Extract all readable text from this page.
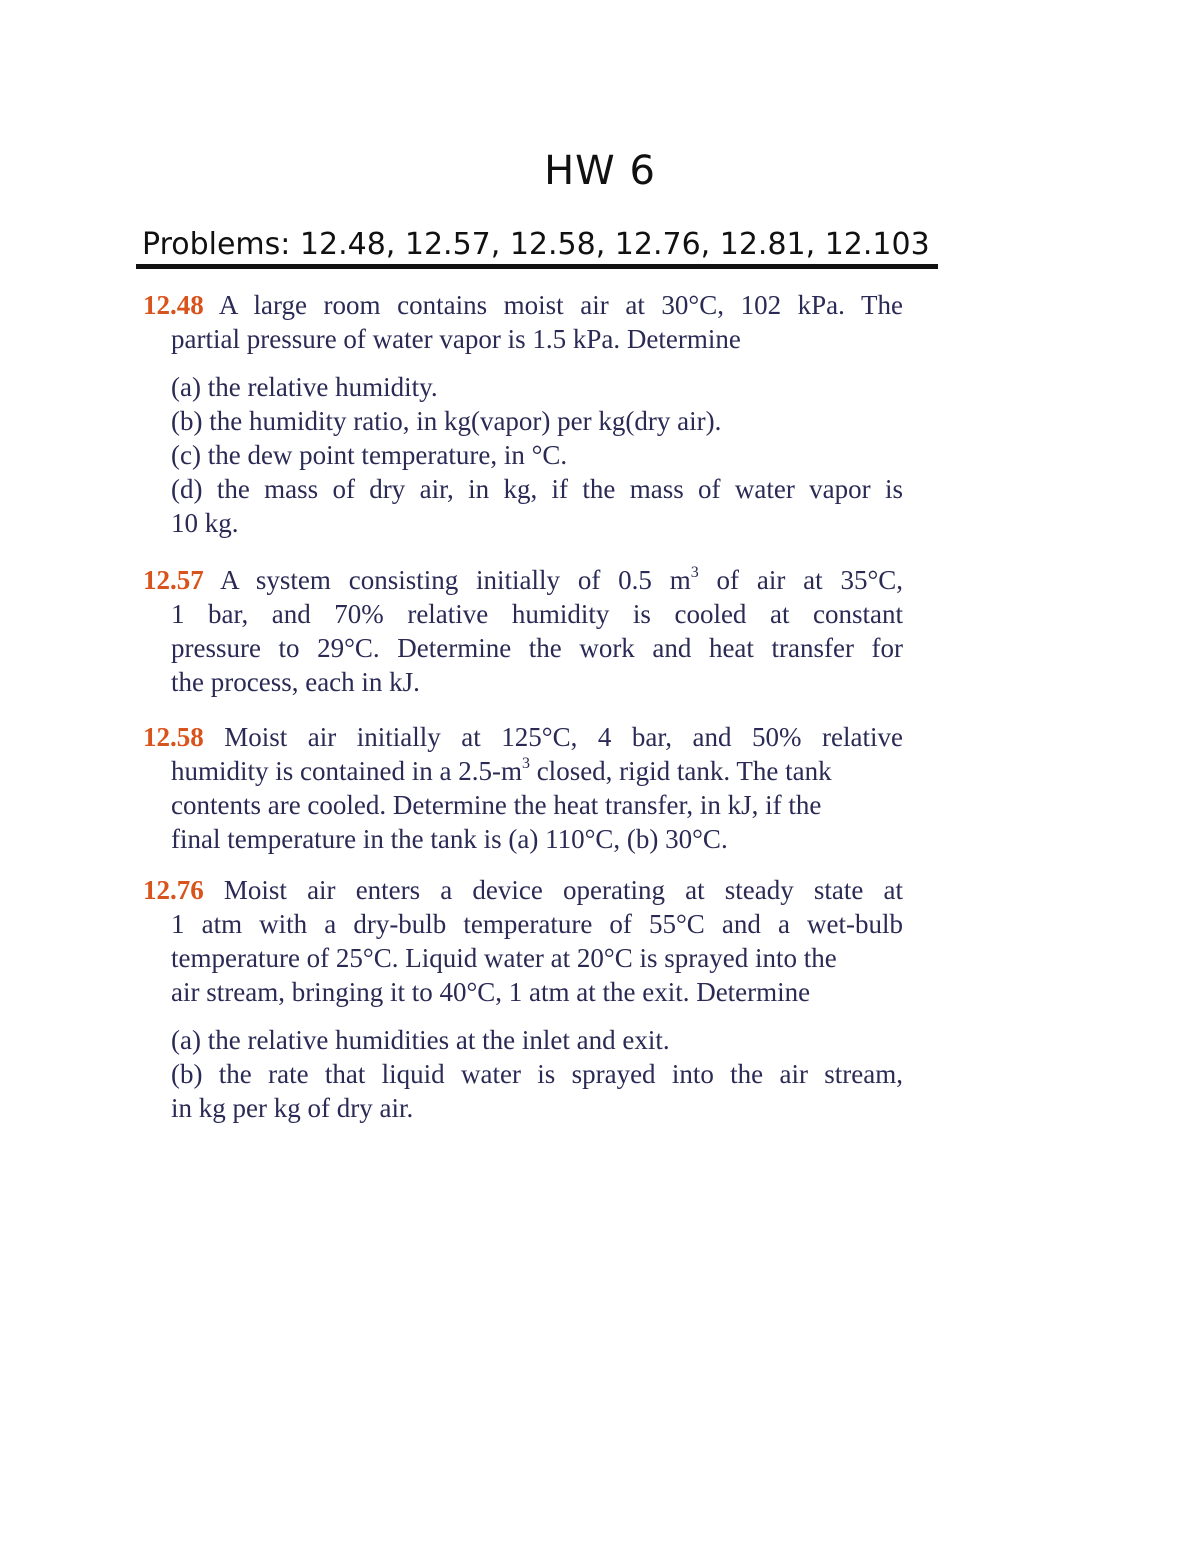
HW 6
Problems: 12.48, 12.57, 12.58, 12.76, 12.81, 12.103
12.48 A large room contains moist air at 30°C, 102 kPa. The
partial pressure of water vapor is 1.5 kPa. Determine
(a) the relative humidity.
(b) the humidity ratio, in kg(vapor) per kg(dry air).
(c) the dew point temperature, in °C.
(d) the mass of dry air, in kg, if the mass of water vapor is
10 kg.
12.57 A system consisting initially of 0.5 $m^3$ of air at 35°C,
1 bar, and 70% relative humidity is cooled at constant
pressure to 29°C. Determine the work and heat transfer for
the process, each in kJ.
12.58 Moist air initially at 125°C, 4 bar, and 50% relative
humidity is contained in a $2.5-m^3$ closed, rigid tank. The tank
contents are cooled. Determine the heat transfer, in kJ, if the
final temperature in the tank is (a) 110°C, (b) 30°C.
12.76 Moist air enters a device operating at steady state at
1 atm with a dry-bulb temperature of 55°C and a wet-bulb
temperature of 25°C. Liquid water at 20°C is sprayed into the
air stream, bringing it to 40°C, 1 atm at the exit. Determine
(a) the relative humidities at the inlet and exit.
(b) the rate that liquid water is sprayed into the air stream,
in kg per kg of dry air.
